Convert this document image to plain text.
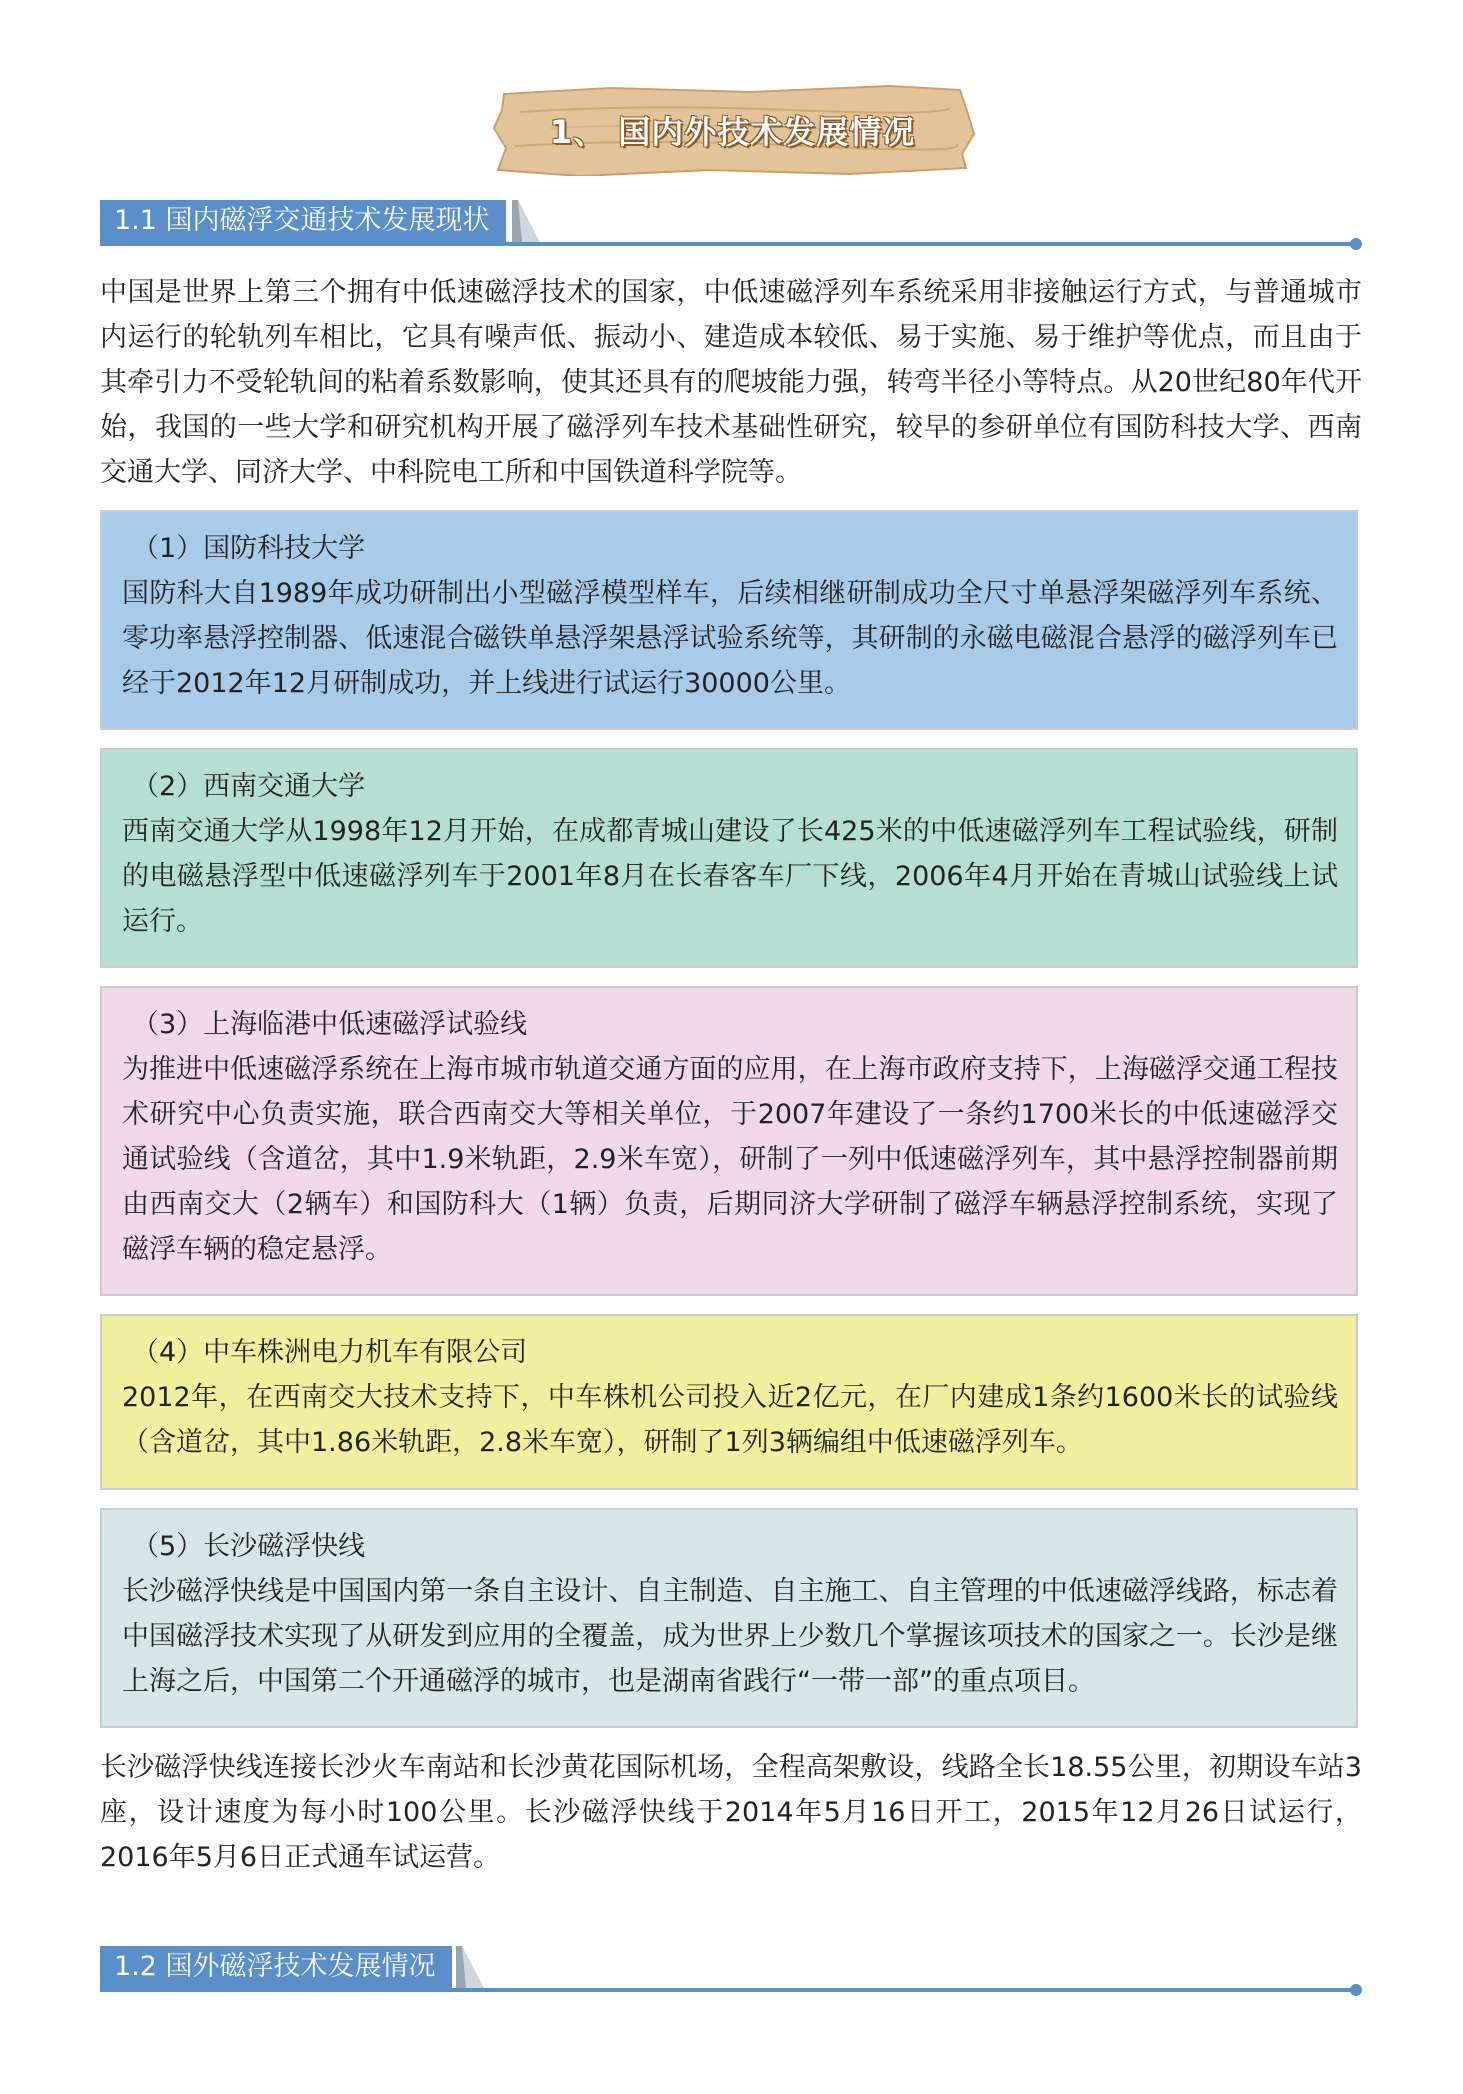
1、 国内外技术发展情况
1.1 国内磁浮交通技术发展现状

中国是世界上第三个拥有中低速磁浮技术的国家，中低速磁浮列车系统采用非接触运行方式，与普通城市内运行的轮轨列车相比，它具有噪声低、振动小、建造成本较低、易于实施、易于维护等优点，而且由于其牵引力不受轮轨间的粘着系数影响，使其还具有的爬坡能力强，转弯半径小等特点。从20世纪80年代开始，我国的一些大学和研究机构开展了磁浮列车技术基础性研究，较早的参研单位有国防科技大学、西南交通大学、同济大学、中科院电工所和中国铁道科学院等。

（1）国防科技大学

国防科大自1989年成功研制出小型磁浮模型样车，后续相继研制成功全尺寸单悬浮架磁浮列车系统、零功率悬浮控制器、低速混合磁铁单悬浮架悬浮试验系统等，其研制的永磁电磁混合悬浮的磁浮列车已经于2012年12月研制成功，并上线进行试运行30000公里。

（2）西南交通大学

西南交通大学从1998年12月开始，在成都青城山建设了长425米的中低速磁浮列车工程试验线，研制的电磁悬浮型中低速磁浮列车于2001年8月在长春客车厂下线，2006年4月开始在青城山试验线上试运行。

（3）上海临港中低速磁浮试验线

为推进中低速磁浮系统在上海市城市轨道交通方面的应用，在上海市政府支持下，上海磁浮交通工程技术研究中心负责实施，联合西南交大等相关单位，于2007年建设了一条约1700米长的中低速磁浮交通试验线（含道岔，其中1.9米轨距，2.9米车宽），研制了一列中低速磁浮列车，其中悬浮控制器前期由西南交大（2辆车）和国防科大（1辆）负责，后期同济大学研制了磁浮车辆悬浮控制系统，实现了磁浮车辆的稳定悬浮。

（4）中车株洲电力机车有限公司

2012年，在西南交大技术支持下，中车株机公司投入近2亿元，在厂内建成1条约1600米长的试验线（含道岔，其中1.86米轨距，2.8米车宽），研制了1列3辆编组中低速磁浮列车。

（5）长沙磁浮快线

长沙磁浮快线是中国国内第一条自主设计、自主制造、自主施工、自主管理的中低速磁浮线路，标志着中国磁浮技术实现了从研发到应用的全覆盖，成为世界上少数几个掌握该项技术的国家之一。长沙是继上海之后，中国第二个开通磁浮的城市，也是湖南省践行“一带一部”的重点项目。

长沙磁浮快线连接长沙火车南站和长沙黄花国际机场，全程高架敷设，线路全长18.55公里，初期设车站3座，设计速度为每小时100公里。长沙磁浮快线于2014年5月16日开工，2015年12月26日试运行，2016年5月6日正式通车试运营。

1.2 国外磁浮技术发展情况
